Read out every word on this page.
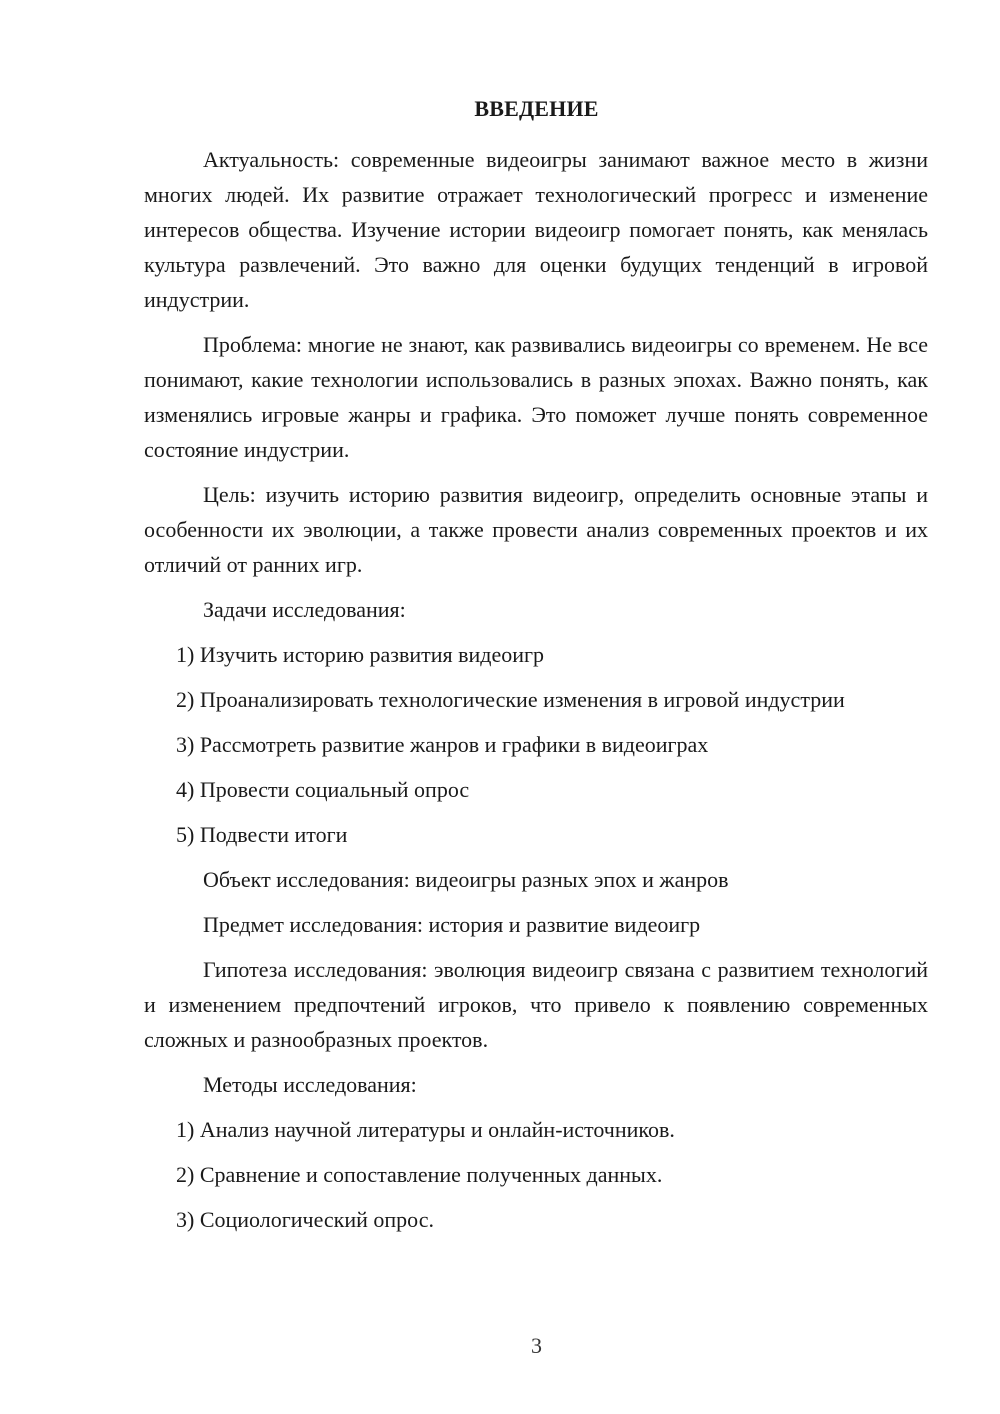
ВВЕДЕНИЕ

Актуальность: современные видеоигры занимают важное место в жизни многих людей. Их развитие отражает технологический прогресс и изменение интересов общества. Изучение истории видеоигр помогает понять, как менялась культура развлечений. Это важно для оценки будущих тенденций в игровой индустрии.

Проблема: многие не знают, как развивались видеоигры со временем. Не все понимают, какие технологии использовались в разных эпохах. Важно понять, как изменялись игровые жанры и графика. Это поможет лучше понять современное состояние индустрии.

Цель: изучить историю развития видеоигр, определить основные этапы и особенности их эволюции, а также провести анализ современных проектов и их отличий от ранних игр.

Задачи исследования:

1) Изучить историю развития видеоигр

2) Проанализировать технологические изменения в игровой индустрии

3) Рассмотреть развитие жанров и графики в видеоиграх

4) Провести социальный опрос

5) Подвести итоги

Объект исследования: видеоигры разных эпох и жанров

Предмет исследования: история и развитие видеоигр

Гипотеза исследования: эволюция видеоигр связана с развитием технологий и изменением предпочтений игроков, что привело к появлению современных сложных и разнообразных проектов.

Методы исследования:

1) Анализ научной литературы и онлайн-источников.

2) Сравнение и сопоставление полученных данных.

3) Социологический опрос.

3
